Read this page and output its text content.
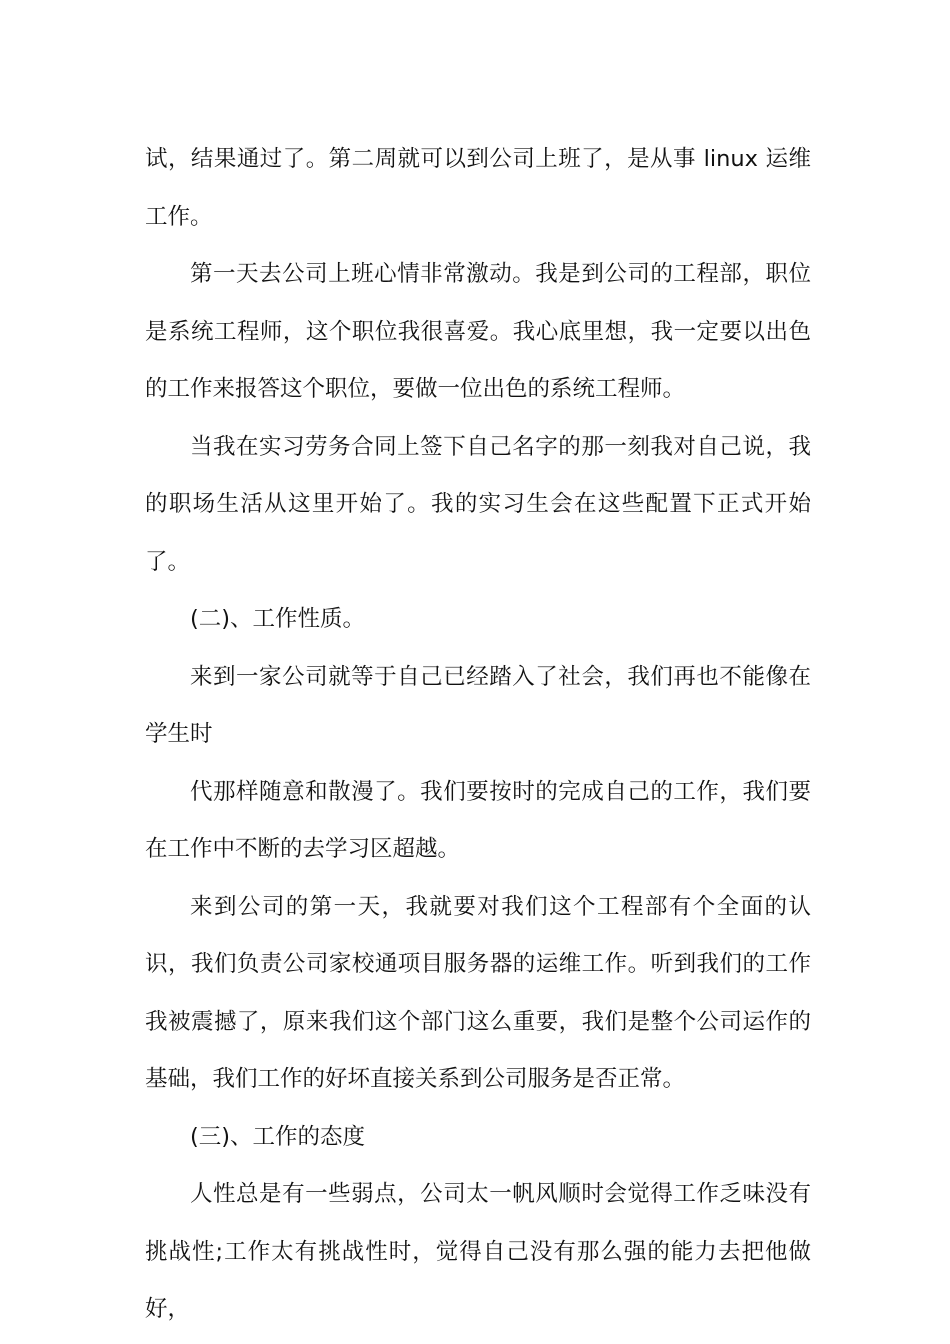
试，结果通过了。第二周就可以到公司上班了，是从事 linux 运维工作。

第一天去公司上班心情非常激动。我是到公司的工程部，职位是系统工程师，这个职位我很喜爱。我心底里想，我一定要以出色的工作来报答这个职位，要做一位出色的系统工程师。

当我在实习劳务合同上签下自己名字的那一刻我对自己说，我的职场生活从这里开始了。我的实习生会在这些配置下正式开始了。

(二)、工作性质。

来到一家公司就等于自己已经踏入了社会，我们再也不能像在学生时

代那样随意和散漫了。我们要按时的完成自己的工作，我们要在工作中不断的去学习区超越。

来到公司的第一天，我就要对我们这个工程部有个全面的认识，我们负责公司家校通项目服务器的运维工作。听到我们的工作我被震撼了，原来我们这个部门这么重要，我们是整个公司运作的基础，我们工作的好坏直接关系到公司服务是否正常。

(三)、工作的态度

人性总是有一些弱点，公司太一帆风顺时会觉得工作乏味没有挑战性;工作太有挑战性时，觉得自己没有那么强的能力去把他做好，
